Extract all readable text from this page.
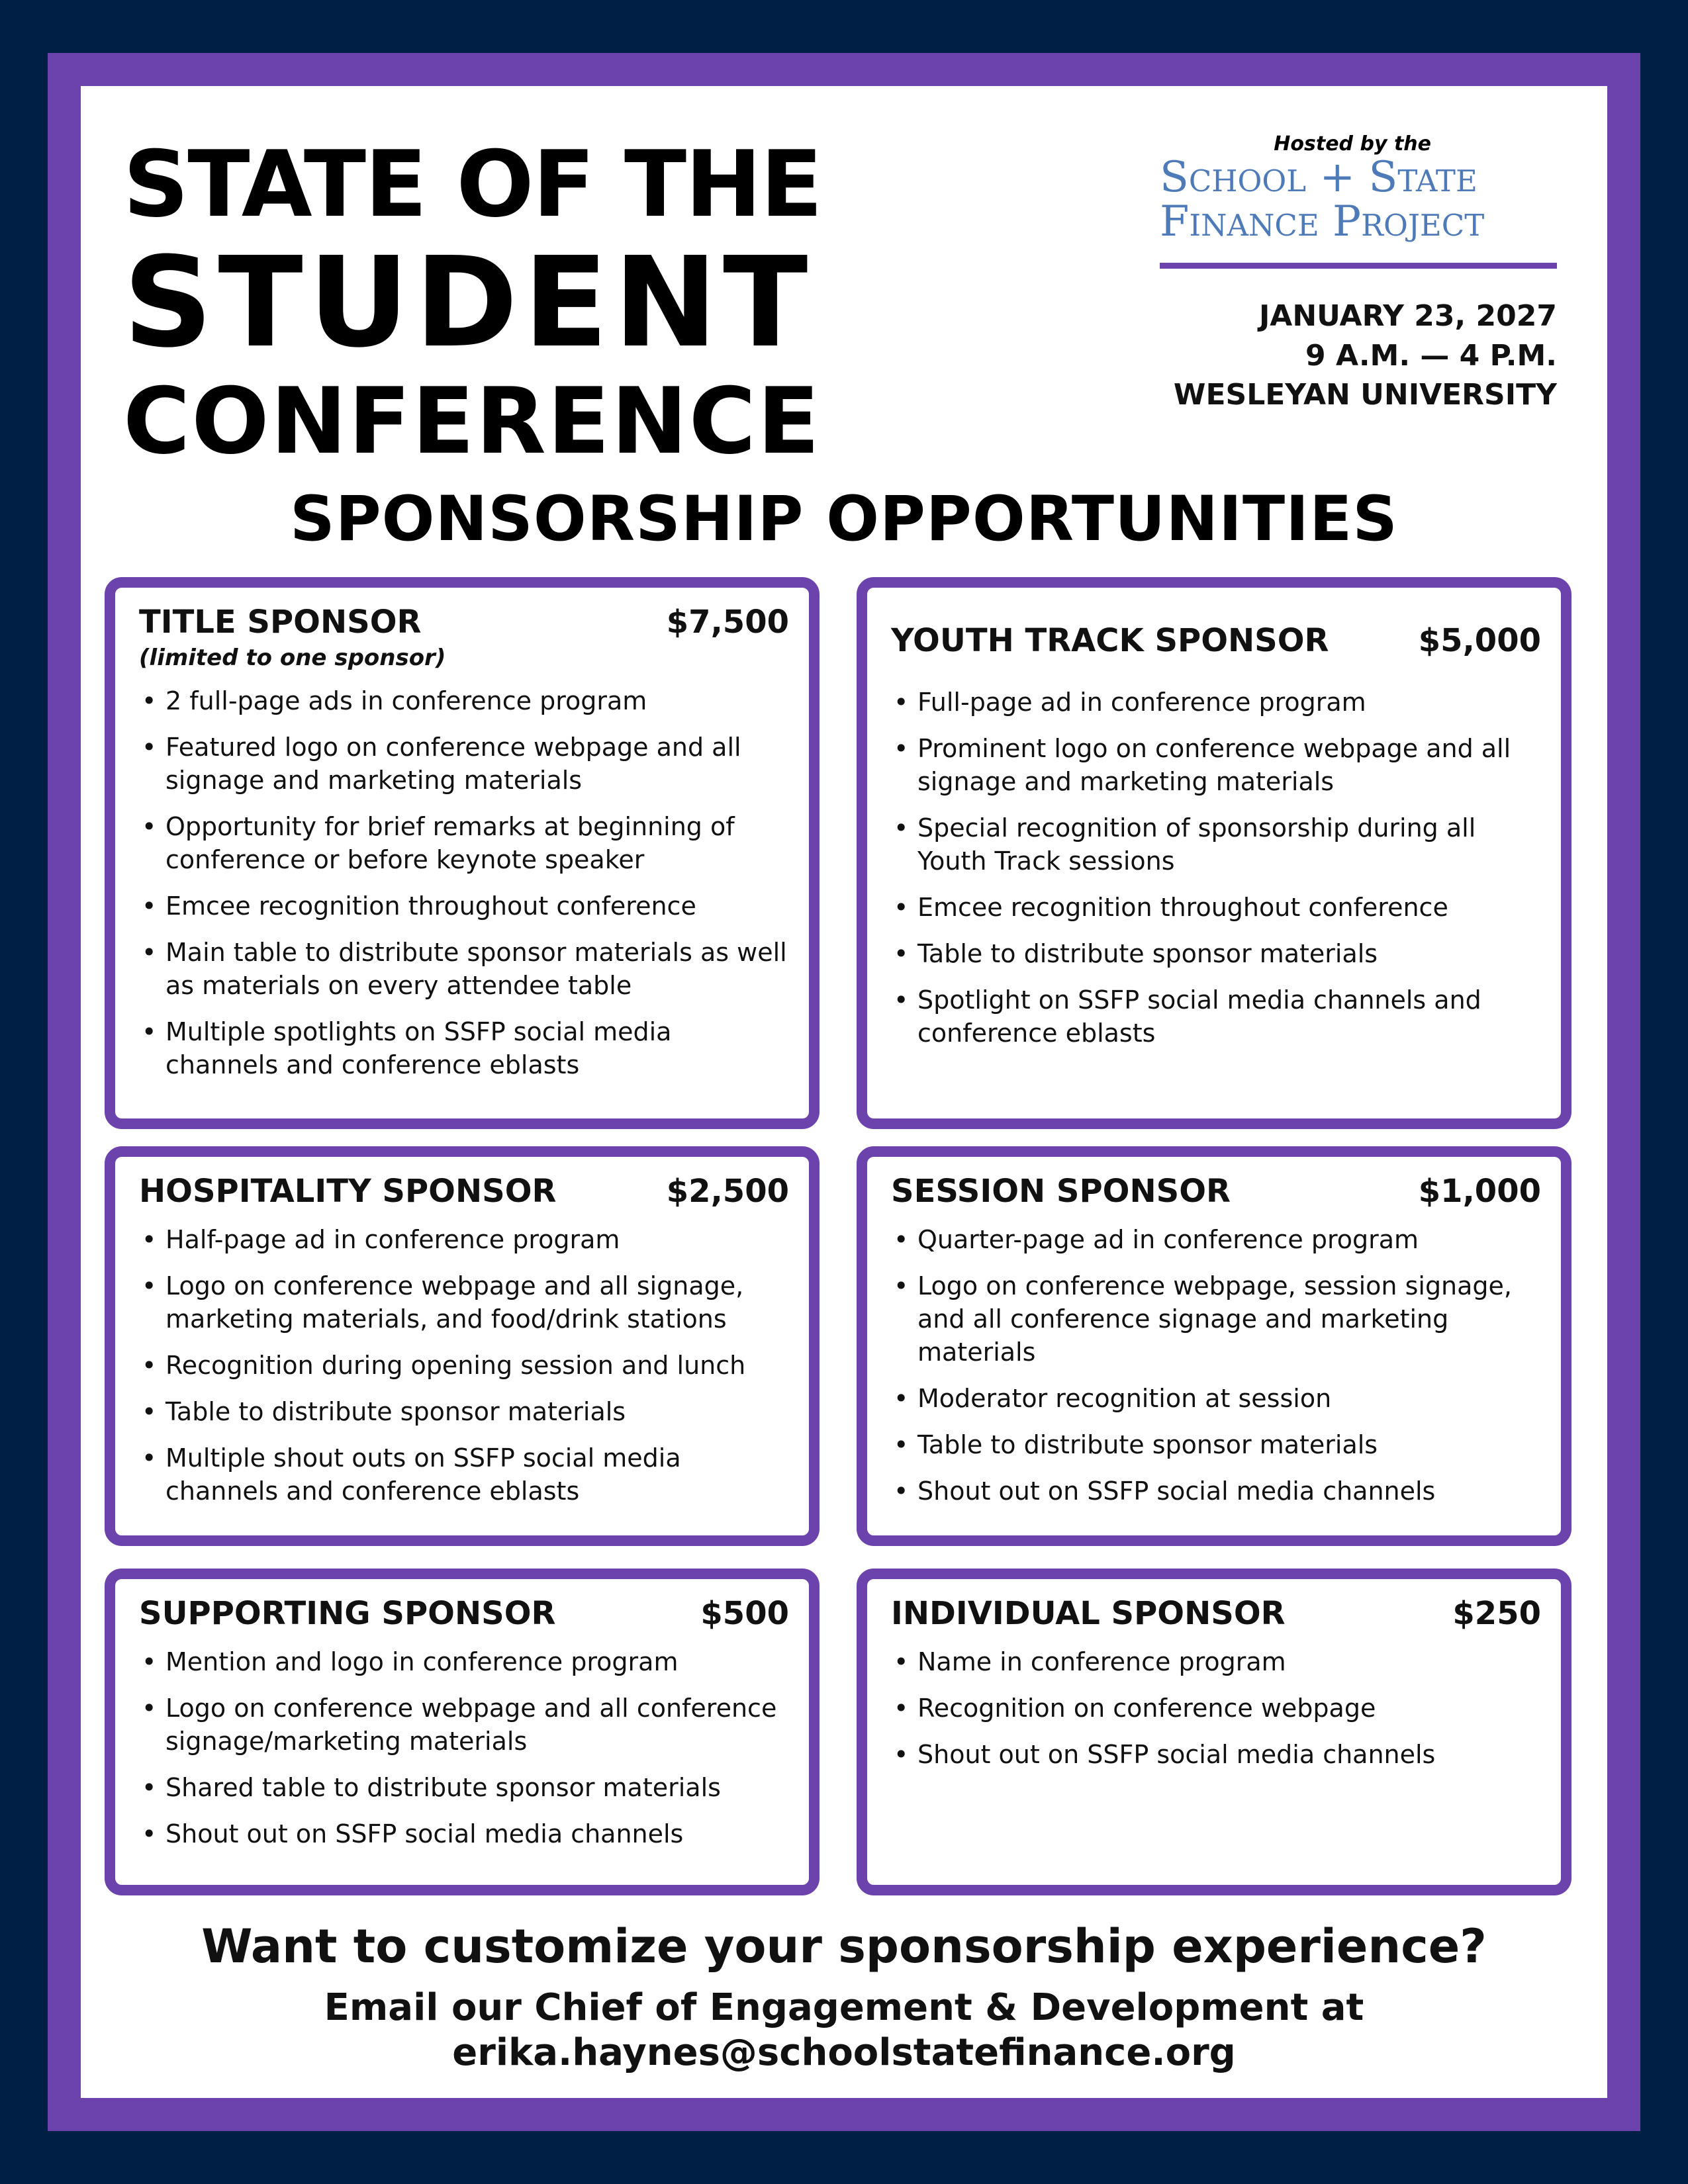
STATE OF THE
STUDENT
CONFERENCE
Hosted by the
School + State
Finance Project
JANUARY 23, 2027
9 A.M. — 4 P.M.
WESLEYAN UNIVERSITY
SPONSORSHIP OPPORTUNITIES
TITLE SPONSOR	$7,500
(limited to one sponsor)
• 2 full-page ads in conference program
• Featured logo on conference webpage and all signage and marketing materials
• Opportunity for brief remarks at beginning of conference or before keynote speaker
• Emcee recognition throughout conference
• Main table to distribute sponsor materials as well as materials on every attendee table
• Multiple spotlights on SSFP social media channels and conference eblasts
YOUTH TRACK SPONSOR	$5,000
• Full-page ad in conference program
• Prominent logo on conference webpage and all signage and marketing materials
• Special recognition of sponsorship during all Youth Track sessions
• Emcee recognition throughout conference
• Table to distribute sponsor materials
• Spotlight on SSFP social media channels and conference eblasts
HOSPITALITY SPONSOR	$2,500
• Half-page ad in conference program
• Logo on conference webpage and all signage, marketing materials, and food/drink stations
• Recognition during opening session and lunch
• Table to distribute sponsor materials
• Multiple shout outs on SSFP social media channels and conference eblasts
SESSION SPONSOR	$1,000
• Quarter-page ad in conference program
• Logo on conference webpage, session signage, and all conference signage and marketing materials
• Moderator recognition at session
• Table to distribute sponsor materials
• Shout out on SSFP social media channels
SUPPORTING SPONSOR	$500
• Mention and logo in conference program
• Logo on conference webpage and all conference signage/marketing materials
• Shared table to distribute sponsor materials
• Shout out on SSFP social media channels
INDIVIDUAL SPONSOR	$250
• Name in conference program
• Recognition on conference webpage
• Shout out on SSFP social media channels
Want to customize your sponsorship experience?
Email our Chief of Engagement & Development at
erika.haynes@schoolstatefinance.org
